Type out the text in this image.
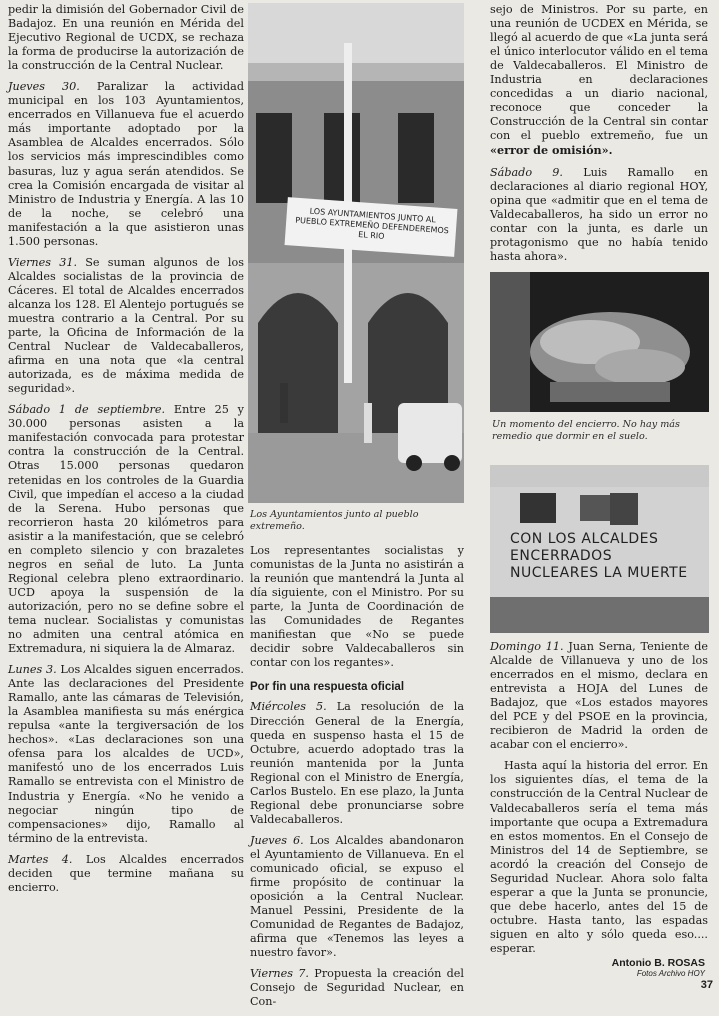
pedir la dimisión del Gobernador Civil de Badajoz. En una reunión en Mérida del Ejecutivo Regional de UCDX, se rechaza la forma de producirse la autorización de la construcción de la Central Nuclear.

Jueves 30. Paralizar la actividad municipal en los 103 Ayuntamientos, encerrados en Villanueva fue el acuerdo más importante adoptado por la Asamblea de Alcaldes encerrados. Sólo los servicios más imprescindibles como basuras, luz y agua serán atendidos. Se crea la Comisión encargada de visitar al Ministro de Industria y Energía. A las 10 de la noche, se celebró una manifestación a la que asistieron unas 1.500 personas.

Viernes 31. Se suman algunos de los Alcaldes socialistas de la provincia de Cáceres. El total de Alcaldes encerrados alcanza los 128. El Alentejo portugués se muestra contrario a la Central. Por su parte, la Oficina de Información de la Central Nuclear de Valdecaballeros, afirma en una nota que «la central autorizada, es de máxima medida de seguridad».

Sábado 1 de septiembre. Entre 25 y 30.000 personas asisten a la manifestación convocada para protestar contra la construcción de la Central. Otras 15.000 personas quedaron retenidas en los controles de la Guardia Civil, que impedían el acceso a la ciudad de la Serena. Hubo personas que recorrieron hasta 20 kilómetros para asistir a la manifestación, que se celebró en completo silencio y con brazaletes negros en señal de luto. La Junta Regional celebra pleno extraordinario. UCD apoya la suspensión de la autorización, pero no se define sobre el tema nuclear. Socialistas y comunistas no admiten una central atómica en Extremadura, ni siquiera la de Almaraz.

Lunes 3. Los Alcaldes siguen encerrados. Ante las declaraciones del Presidente Ramallo, ante las cámaras de Televisión, la Asamblea manifiesta su más enérgica repulsa «ante la tergiversación de los hechos». «Las declaraciones son una ofensa para los alcaldes de UCD», manifestó uno de los encerrados Luis Ramallo se entrevista con el Ministro de Industria y Energía. «No he venido a negociar ningún tipo de compensaciones» dijo, Ramallo al término de la entrevista.

Martes 4. Los Alcaldes encerrados deciden que termine mañana su encierro.

LOS AYUNTAMIENTOS JUNTO AL PUEBLO EXTREMEÑO DEFENDEREMOS EL RIO
Los Ayuntamientos junto al pueblo extremeño.

Los representantes socialistas y comunistas de la Junta no asistirán a la reunión que mantendrá la Junta al día siguiente, con el Ministro. Por su parte, la Junta de Coordinación de las Comunidades de Regantes manifiestan que «No se puede decidir sobre Valdecaballeros sin contar con los regantes».

Por fin una respuesta oficial

Miércoles 5. La resolución de la Dirección General de la Energía, queda en suspenso hasta el 15 de Octubre, acuerdo adoptado tras la reunión mantenida por la Junta Regional con el Ministro de Energía, Carlos Bustelo. En ese plazo, la Junta Regional debe pronunciarse sobre Valdecaballeros.

Jueves 6. Los Alcaldes abandonaron el Ayuntamiento de Villanueva. En el comunicado oficial, se expuso el firme propósito de continuar la oposición a la Central Nuclear. Manuel Pessini, Presidente de la Comunidad de Regantes de Badajoz, afirma que «Tenemos las leyes a nuestro favor».

Viernes 7. Propuesta la creación del Consejo de Seguridad Nuclear, en Con-

sejo de Ministros. Por su parte, en una reunión de UCDEX en Mérida, se llegó al acuerdo de que «La junta será el único interlocutor válido en el tema de Valdecaballeros. El Ministro de Industria en declaraciones concedidas a un diario nacional, reconoce que conceder la Construcción de la Central sin contar con el pueblo extremeño, fue un «error de omisión».

Sábado 9. Luis Ramallo en declaraciones al diario regional HOY, opina que «admitir que en el tema de Valdecaballeros, ha sido un error no contar con la junta, es darle un protagonismo que no había tenido hasta ahora».

Un momento del encierro. No hay más remedio que dormir en el suelo.
CON LOS ALCALDES ENCERRADOS NUCLEARES LA MUERTE

Domingo 11. Juan Serna, Teniente de Alcalde de Villanueva y uno de los encerrados en el mismo, declara en entrevista a HOJA del Lunes de Badajoz, que «Los estados mayores del PCE y del PSOE en la provincia, recibieron de Madrid la orden de acabar con el encierro».

Hasta aquí la historia del error. En los siguientes días, el tema de la construcción de la Central Nuclear de Valdecaballeros sería el tema más importante que ocupa a Extremadura en estos momentos. En el Consejo de Ministros del 14 de Septiembre, se acordó la creación del Consejo de Seguridad Nuclear. Ahora solo falta esperar a que la Junta se pronuncie, que debe hacerlo, antes del 15 de octubre. Hasta tanto, las espadas siguen en alto y sólo queda eso.... esperar.

Antonio B. ROSAS
Fotos Archivo HOY
37
